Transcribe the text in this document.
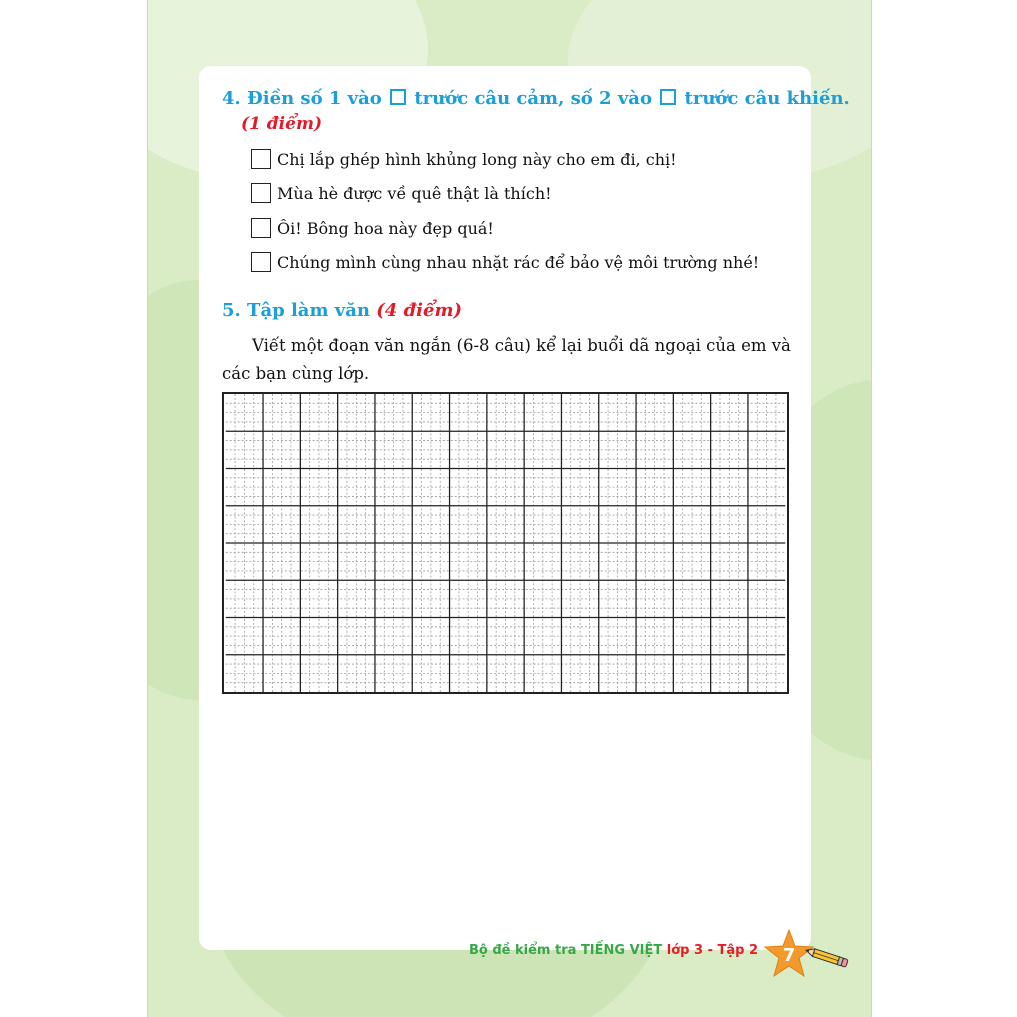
4. Điền số 1 vào trước câu cảm, số 2 vào trước câu khiến.
(1 điểm)
Chị lắp ghép hình khủng long này cho em đi, chị!
Mùa hè được về quê thật là thích!
Ôi! Bông hoa này đẹp quá!
Chúng mình cùng nhau nhặt rác để bảo vệ môi trường nhé!
5. Tập làm văn (4 điểm)
Viết một đoạn văn ngắn (6-8 câu) kể lại buổi dã ngoại của em và
các bạn cùng lớp.
Bộ đề kiểm tra TIẾNG VIỆT lớp 3 - Tập 2 7
